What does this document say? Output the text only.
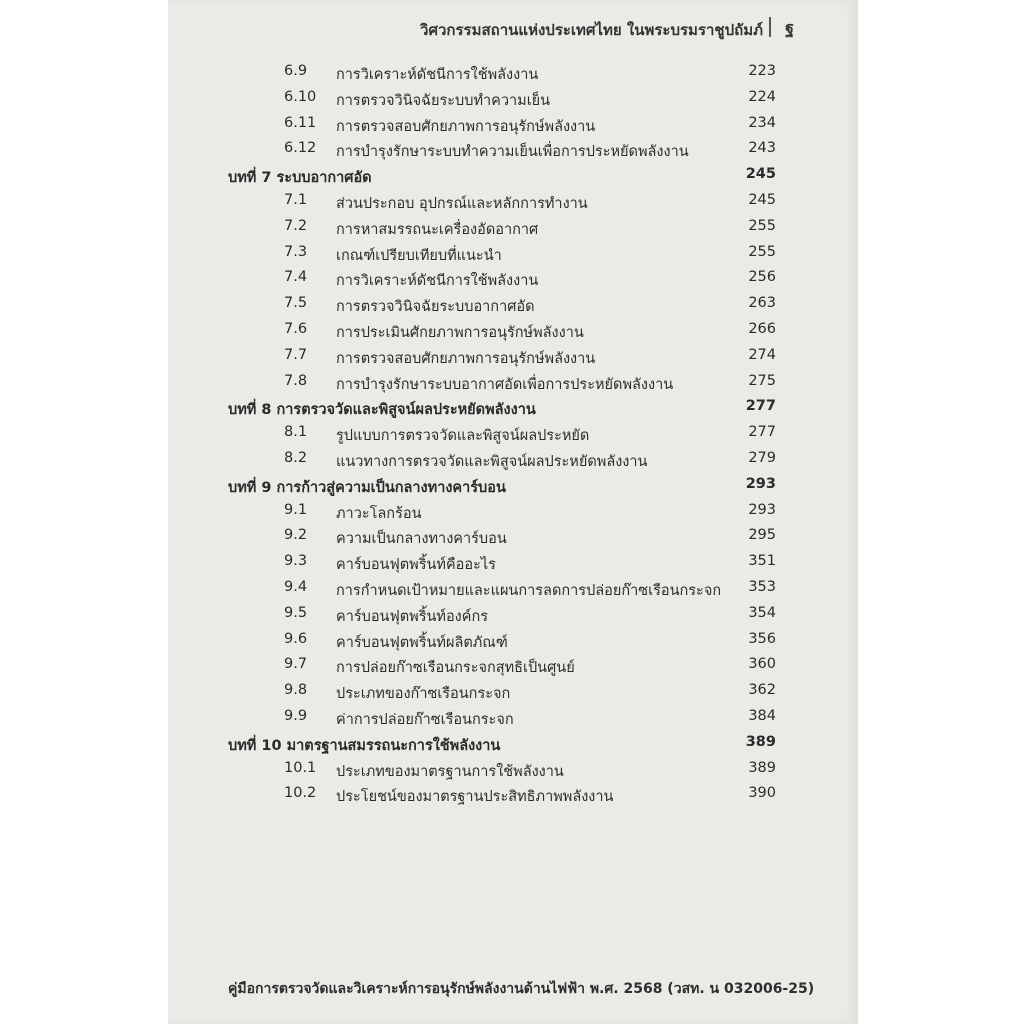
วิศวกรรมสถานแห่งประเทศไทย ในพระบรมราชูปถัมภ์ ฐ
6.9	การวิเคราะห์ดัชนีการใช้พลังงาน	223
6.10	การตรวจวินิจฉัยระบบทำความเย็น	224
6.11	การตรวจสอบศักยภาพการอนุรักษ์พลังงาน	234
6.12	การบำรุงรักษาระบบทำความเย็นเพื่อการประหยัดพลังงาน	243
บทที่ 7 ระบบอากาศอัด	245
7.1	ส่วนประกอบ อุปกรณ์และหลักการทำงาน	245
7.2	การหาสมรรถนะเครื่องอัดอากาศ	255
7.3	เกณฑ์เปรียบเทียบที่แนะนำ	255
7.4	การวิเคราะห์ดัชนีการใช้พลังงาน	256
7.5	การตรวจวินิจฉัยระบบอากาศอัด	263
7.6	การประเมินศักยภาพการอนุรักษ์พลังงาน	266
7.7	การตรวจสอบศักยภาพการอนุรักษ์พลังงาน	274
7.8	การบำรุงรักษาระบบอากาศอัดเพื่อการประหยัดพลังงาน	275
บทที่ 8 การตรวจวัดและพิสูจน์ผลประหยัดพลังงาน	277
8.1	รูปแบบการตรวจวัดและพิสูจน์ผลประหยัด	277
8.2	แนวทางการตรวจวัดและพิสูจน์ผลประหยัดพลังงาน	279
บทที่ 9 การก้าวสู่ความเป็นกลางทางคาร์บอน	293
9.1	ภาวะโลกร้อน	293
9.2	ความเป็นกลางทางคาร์บอน	295
9.3	คาร์บอนฟุตพริ้นท์คืออะไร	351
9.4	การกำหนดเป้าหมายและแผนการลดการปล่อยก๊าซเรือนกระจก 353
9.5	คาร์บอนฟุตพริ้นท์องค์กร	354
9.6	คาร์บอนฟุตพริ้นท์ผลิตภัณฑ์	356
9.7	การปล่อยก๊าซเรือนกระจกสุทธิเป็นศูนย์	360
9.8	ประเภทของก๊าซเรือนกระจก	362
9.9	ค่าการปล่อยก๊าซเรือนกระจก	384
บทที่ 10 มาตรฐานสมรรถนะการใช้พลังงาน	389
10.1	ประเภทของมาตรฐานการใช้พลังงาน	389
10.2	ประโยชน์ของมาตรฐานประสิทธิภาพพลังงาน	390
คู่มือการตรวจวัดและวิเคราะห์การอนุรักษ์พลังงานด้านไฟฟ้า พ.ศ. 2568 (วสท. น 032006-25)
